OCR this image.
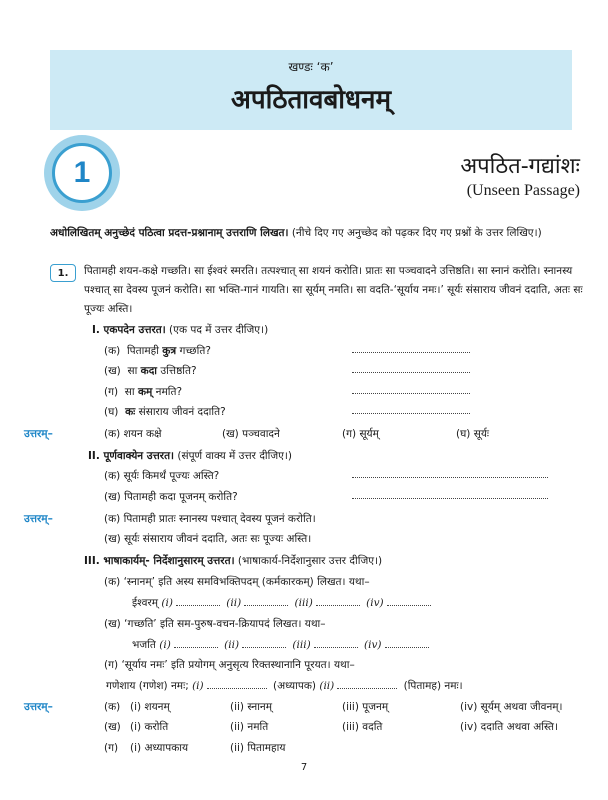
खण्डः ‘क’
अपठितावबोधनम्
1	अपठित-गद्यांशः
(Unseen Passage)
अधोलिखितम् अनुच्छेदं पठित्वा प्रदत्त-प्रश्नानाम् उत्तराणि लिखत। (नीचे दिए गए अनुच्छेद को पढ़कर दिए गए प्रश्नों के उत्तर लिखिए।)
1.	पितामही शयन-कक्षे गच्छति। सा ईश्वरं स्मरति। तत्पश्चात् सा शयनं करोति। प्रातः सा पञ्चवादने उत्तिष्ठति। सा स्नानं करोति। स्नानस्य पश्चात् सा देवस्य पूजनं करोति। सा भक्ति-गानं गायति। सा सूर्यम् नमति। सा वदति-‘सूर्याय नमः।’ सूर्यः संसाराय जीवनं ददाति, अतः सः पूज्यः अस्ति।
I. एकपदेन उत्तरत। (एक पद में उत्तर दीजिए।)
(क) पितामही कुत्र गच्छति?
(ख) सा कदा उत्तिष्ठति?
(ग) सा कम् नमति?
(घ) कः संसाराय जीवनं ददाति?
उत्तरम्–	(क) शयन कक्षे	(ख) पञ्चवादने	(ग) सूर्यम्	(घ) सूर्यः
II. पूर्णवाक्येन उत्तरत। (संपूर्ण वाक्य में उत्तर दीजिए।)
(क) सूर्यः किमर्थं पूज्यः अस्ति?
(ख) पितामही कदा पूजनम् करोति?
उत्तरम्–	(क) पितामही प्रातः स्नानस्य पश्चात् देवस्य पूजनं करोति।
(ख) सूर्यः संसाराय जीवनं ददाति, अतः सः पूज्यः अस्ति।
III. भाषाकार्यम्- निर्देशानुसारम् उत्तरत। (भाषाकार्य-निर्देशानुसार उत्तर दीजिए।)
(क) ‘स्नानम्’ इति अस्य समविभक्तिपदम् (कर्मकारकम्) लिखत। यथा–
ईश्वरम् (i)	(ii)	(iii)	(iv)
(ख) ‘गच्छति’ इति सम-पुरुष-वचन-क्रियापदं लिखत। यथा–
भजति (i)	(ii)	(iii)	(iv)
(ग) ‘सूर्याय नमः’ इति प्रयोगम् अनुसृत्य रिक्तस्थानानि पूरयत। यथा–
गणेशाय (गणेश) नमः; (i)	(अध्यापक) (ii)	(पितामह) नमः।
उत्तरम्–	(क) (i) शयनम्	(ii) स्नानम्	(iii) पूजनम्	(iv) सूर्यम् अथवा जीवनम्।
(ख) (i) करोति	(ii) नमति	(iii) वदति	(iv) ददाति अथवा अस्ति।
(ग) (i) अध्यापकाय	(ii) पितामहाय
7
